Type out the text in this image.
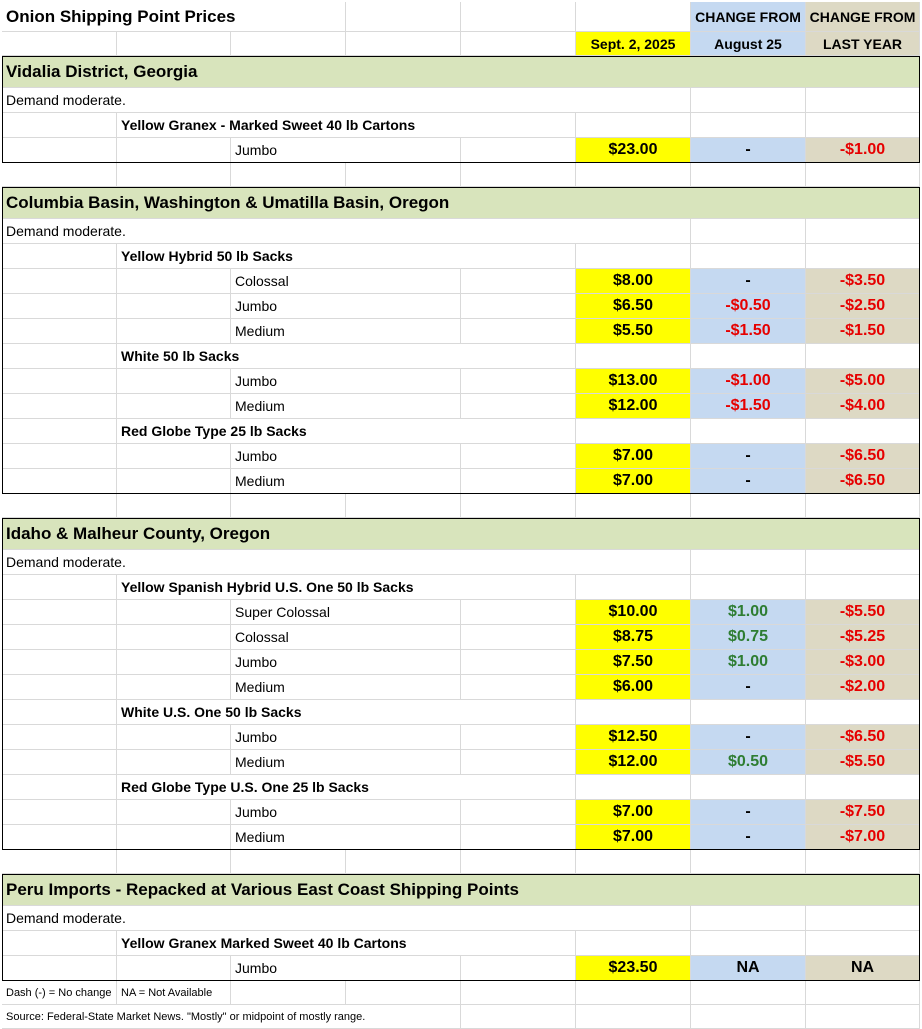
Onion Shipping Point Prices	CHANGE FROM CHANGE FROM
Sept. 2, 2025	August 25	LAST YEAR
Vidalia District, Georgia
Demand moderate.
Yellow Granex - Marked Sweet 40 lb Cartons
Jumbo	$23.00	-	-$1.00
Columbia Basin, Washington & Umatilla Basin, Oregon
Demand moderate.
Yellow Hybrid 50 lb Sacks
Colossal	$8.00	-	-$3.50
Jumbo	$6.50	-$0.50	-$2.50
Medium	$5.50	-$1.50	-$1.50
White 50 lb Sacks
Jumbo	$13.00	-$1.00	-$5.00
Medium	$12.00	-$1.50	-$4.00
Red Globe Type 25 lb Sacks
Jumbo	$7.00	-	-$6.50
Medium	$7.00	-	-$6.50
Idaho & Malheur County, Oregon
Demand moderate.
Yellow Spanish Hybrid U.S. One 50 lb Sacks
Super Colossal	$10.00	$1.00	-$5.50
Colossal	$8.75	$0.75	-$5.25
Jumbo	$7.50	$1.00	-$3.00
Medium	$6.00	-	-$2.00
White U.S. One 50 lb Sacks
Jumbo	$12.50	-	-$6.50
Medium	$12.00	$0.50	-$5.50
Red Globe Type U.S. One 25 lb Sacks
Jumbo	$7.00	-	-$7.50
Medium	$7.00	-	-$7.00
Peru Imports - Repacked at Various East Coast Shipping Points
Demand moderate.
Yellow Granex Marked Sweet 40 lb Cartons
Jumbo	$23.50	NA	NA
Dash (-) = No change NA = Not Available
Source: Federal-State Market News. "Mostly" or midpoint of mostly range.
